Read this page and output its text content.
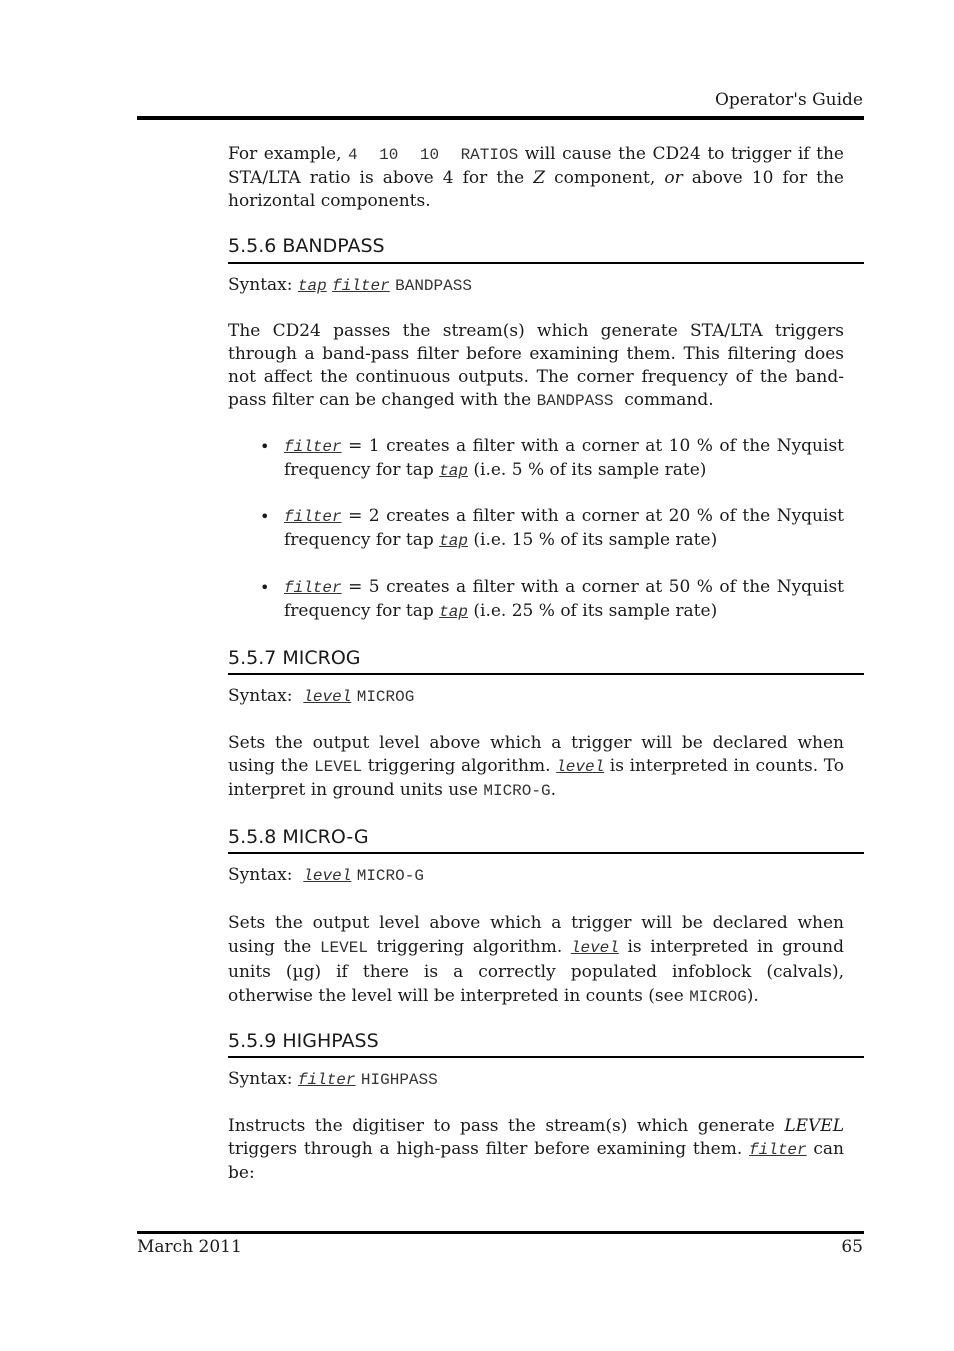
Operator's Guide
For example, 4  10  10  RATIOS will cause the CD24 to trigger if the STA/LTA ratio is above 4 for the Z component, or above 10 for the horizontal components.
5.5.6 BANDPASS
Syntax: tap filter BANDPASS
The CD24 passes the stream(s) which generate STA/LTA triggers through a band-pass filter before examining them. This filtering does not affect the continuous outputs. The corner frequency of the band-pass filter can be changed with the BANDPASS  command.
• filter = 1 creates a filter with a corner at 10 % of the Nyquist frequency for tap tap (i.e. 5 % of its sample rate)
• filter = 2 creates a filter with a corner at 20 % of the Nyquist frequency for tap tap (i.e. 15 % of its sample rate)
• filter = 5 creates a filter with a corner at 50 % of the Nyquist frequency for tap tap (i.e. 25 % of its sample rate)
5.5.7 MICROG
Syntax:  level MICROG
Sets the output level above which a trigger will be declared when using the LEVEL triggering algorithm. level is interpreted in counts. To interpret in ground units use MICRO-G.
5.5.8 MICRO-G
Syntax:  level MICRO-G
Sets the output level above which a trigger will be declared when using the LEVEL triggering algorithm. level is interpreted in ground units (µg) if there is a correctly populated infoblock (calvals), otherwise the level will be interpreted in counts (see MICROG).
5.5.9 HIGHPASS
Syntax: filter HIGHPASS
Instructs the digitiser to pass the stream(s) which generate LEVEL triggers through a high-pass filter before examining them. filter can be:
March 2011	65
